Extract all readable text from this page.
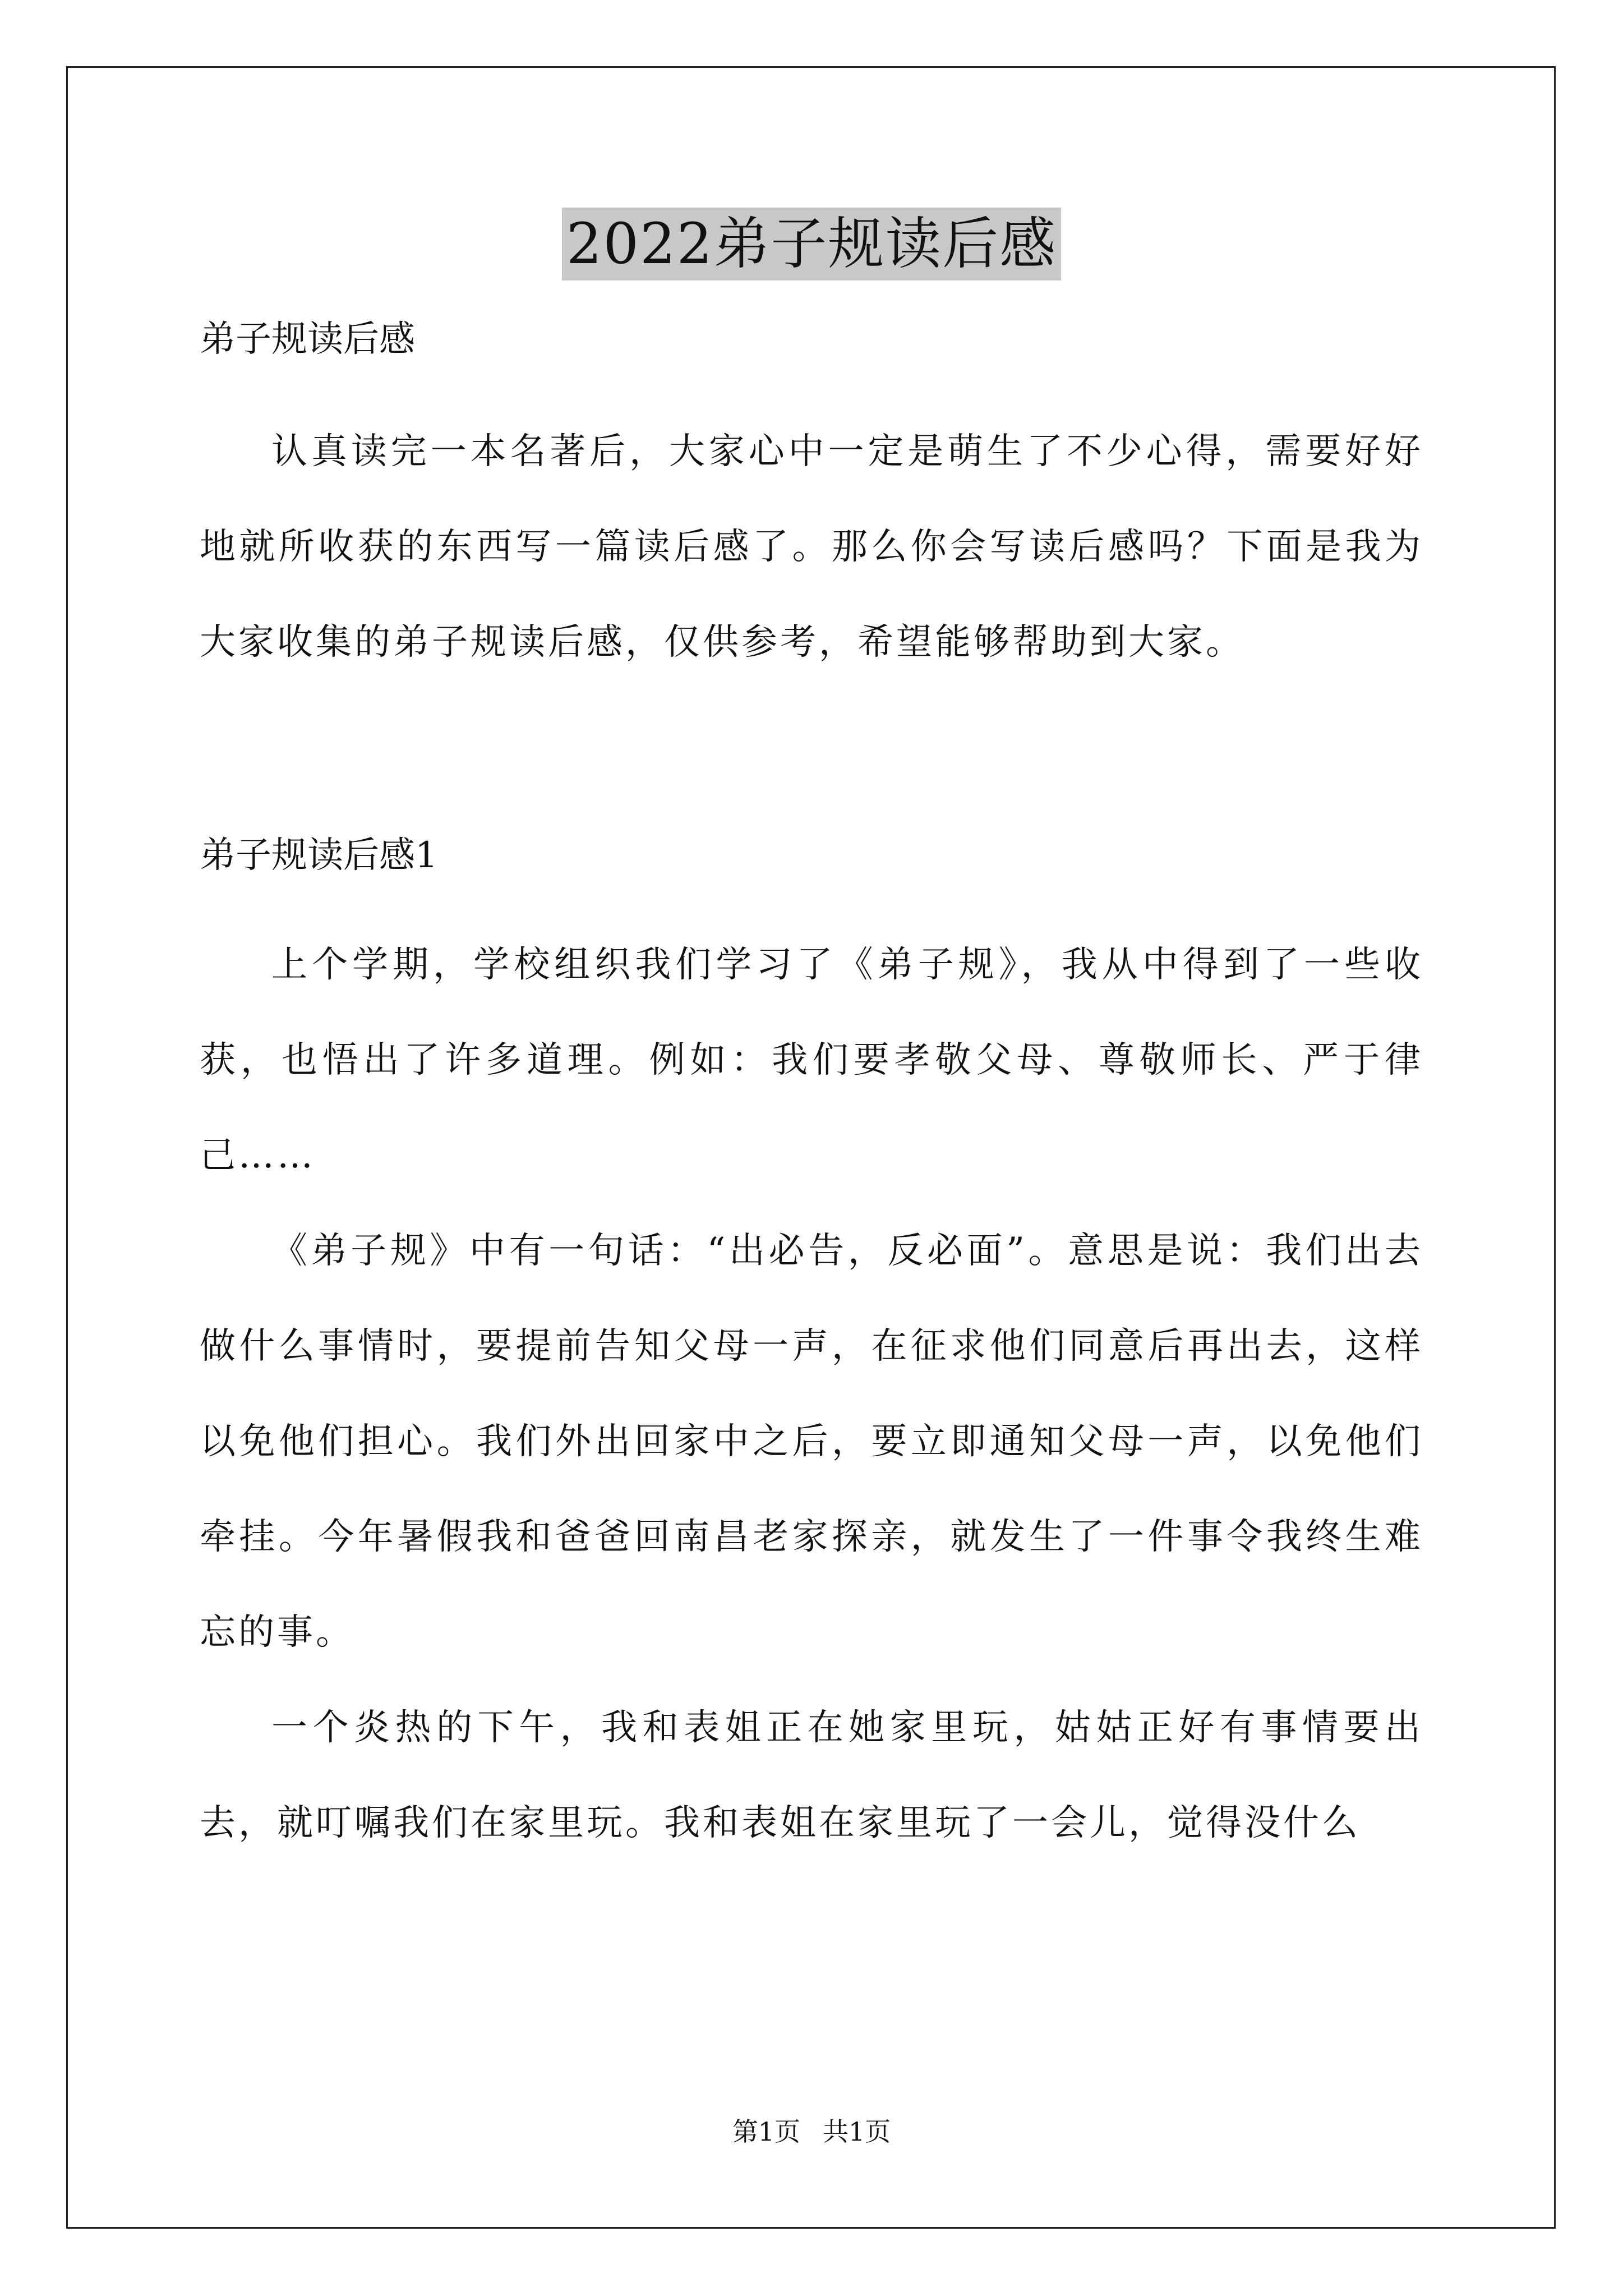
2022弟子规读后感

弟子规读后感

认真读完一本名著后，大家心中一定是萌生了不少心得，需要好好地就所收获的东西写一篇读后感了。那么你会写读后感吗？下面是我为大家收集的弟子规读后感，仅供参考，希望能够帮助到大家。

弟子规读后感1

上个学期，学校组织我们学习了《弟子规》，我从中得到了一些收获，也悟出了许多道理。例如：我们要孝敬父母、尊敬师长、严于律己……

《弟子规》中有一句话：“出必告，反必面”。意思是说：我们出去做什么事情时，要提前告知父母一声，在征求他们同意后再出去，这样以免他们担心。我们外出回家中之后，要立即通知父母一声，以免他们牵挂。今年暑假我和爸爸回南昌老家探亲，就发生了一件事令我终生难忘的事。

一个炎热的下午，我和表姐正在她家里玩，姑姑正好有事情要出去，就叮嘱我们在家里玩。我和表姐在家里玩了一会儿，觉得没什么

第1页 共1页
